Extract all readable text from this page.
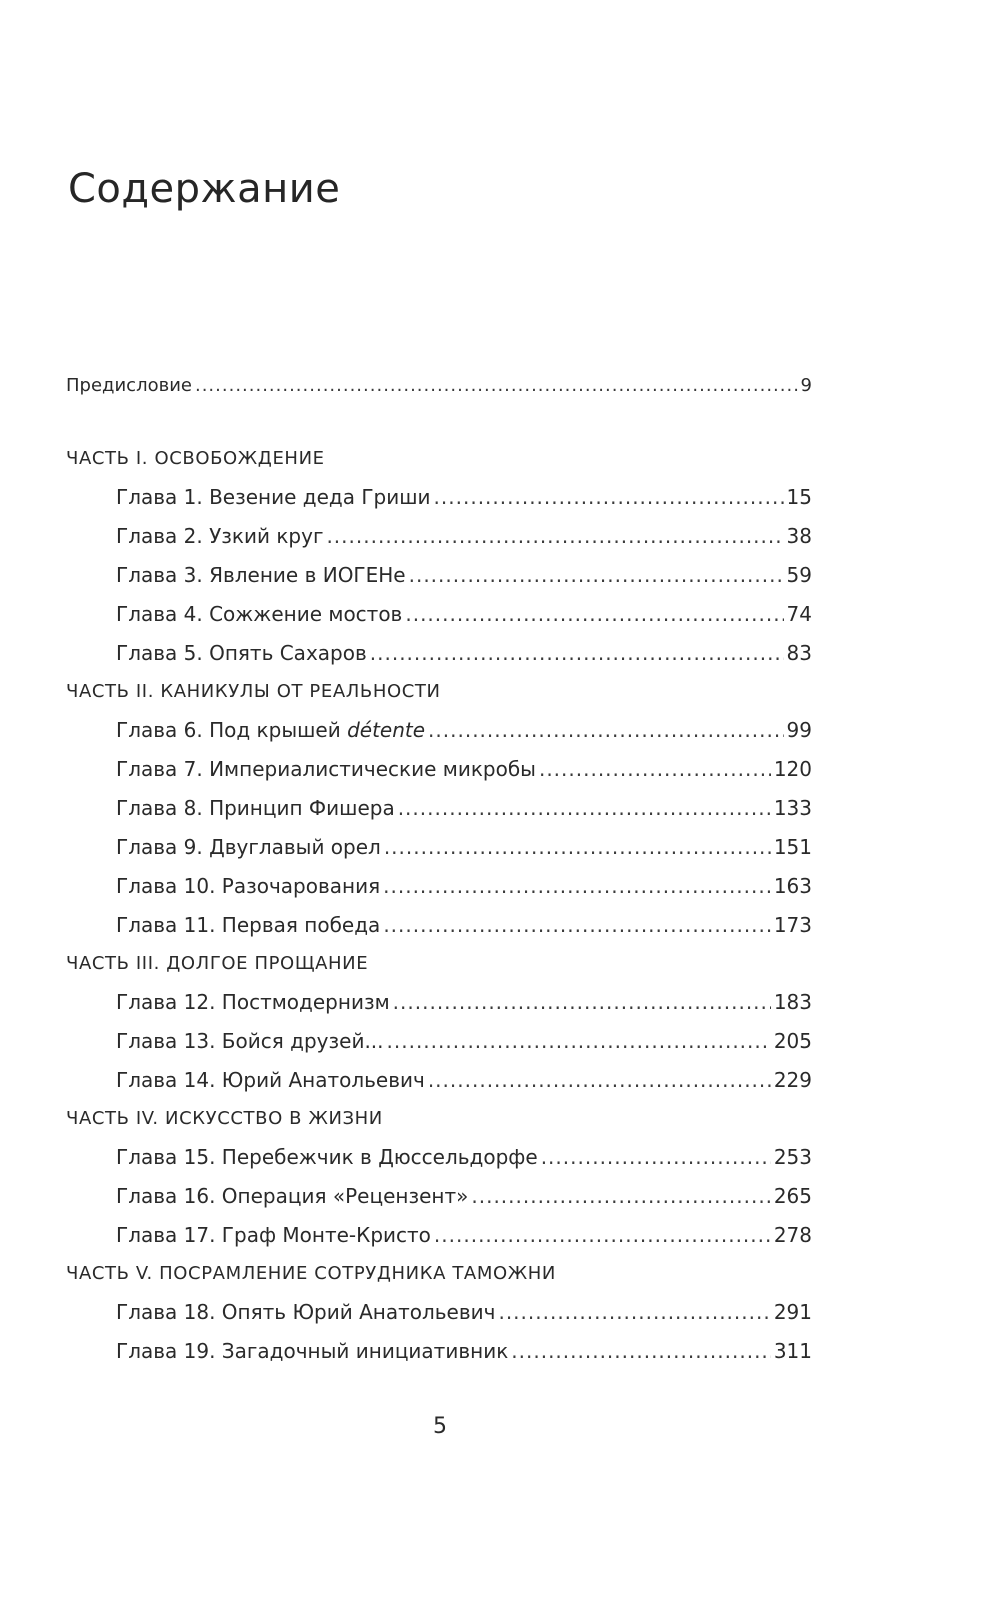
Содержание
Предисловие .....	9
ЧАСТЬ I. ОСВОБОЖДЕНИЕ
Глава 1. Везение деда Гриши .....	15
Глава 2. Узкий круг .....	38
Глава 3. Явление в ИОГЕНе .....	59
Глава 4. Сожжение мостов .....	74
Глава 5. Опять Сахаров .....	83
ЧАСТЬ II. КАНИКУЛЫ ОТ РЕАЛЬНОСТИ
Глава 6. Под крышей détente .....	99
Глава 7. Империалистические микробы .....	120
Глава 8. Принцип Фишера .....	133
Глава 9. Двуглавый орел .....	151
Глава 10. Разочарования .....	163
Глава 11. Первая победа .....	173
ЧАСТЬ III. ДОЛГОЕ ПРОЩАНИЕ
Глава 12. Постмодернизм .....	183
Глава 13. Бойся друзей... .....	205
Глава 14. Юрий Анатольевич .....	229
ЧАСТЬ IV. ИСКУССТВО В ЖИЗНИ
Глава 15. Перебежчик в Дюссельдорфе .....	253
Глава 16. Операция «Рецензент» .....	265
Глава 17. Граф Монте-Кристо .....	278
ЧАСТЬ V. ПОСРАМЛЕНИЕ СОТРУДНИКА ТАМОЖНИ
Глава 18. Опять Юрий Анатольевич .....	291
Глава 19. Загадочный инициативник .....	311
5
